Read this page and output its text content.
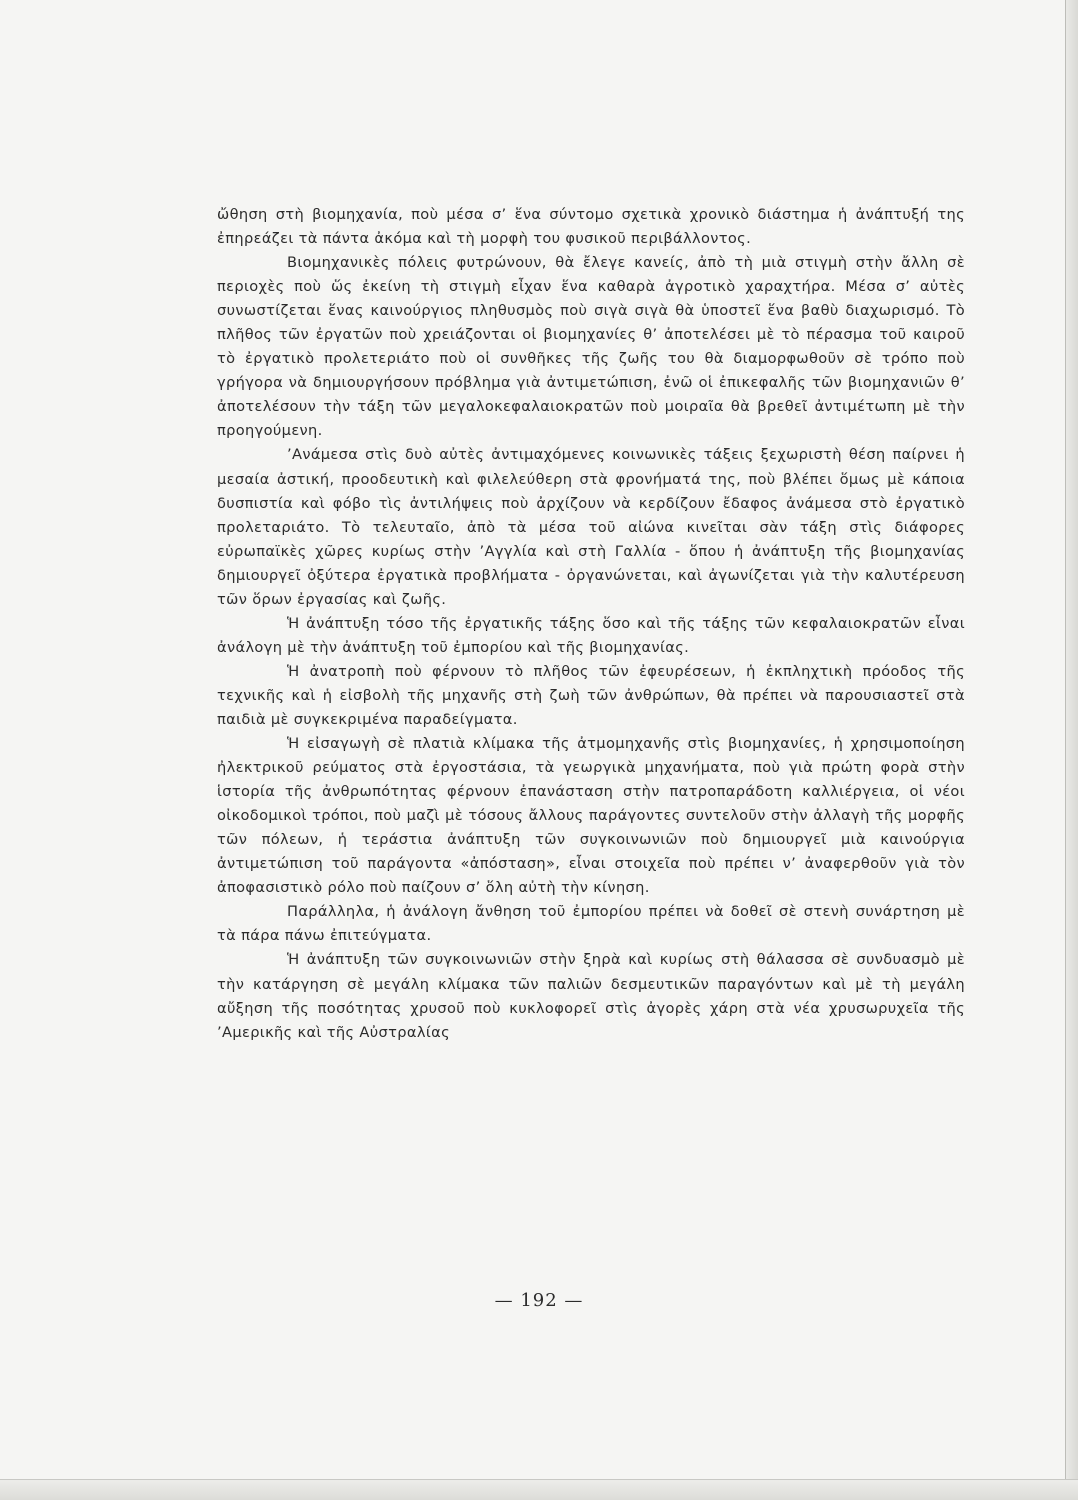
ὤθηση στὴ βιομηχανία, ποὺ μέσα σ’ ἕνα σύντομο σχετικὰ χρονικὸ διάστημα ἡ ἀνάπτυξή της ἐπηρεάζει τὰ πάντα ἀκόμα καὶ τὴ μορφὴ του φυσικοῦ περιβάλλοντος.

Βιομηχανικὲς πόλεις φυτρώνουν, θὰ ἔλεγε κανείς, ἀπὸ τὴ μιὰ στιγμὴ στὴν ἄλλη σὲ περιοχὲς ποὺ ὥς ἐκείνη τὴ στιγμὴ εἶχαν ἕνα καθαρὰ ἀγροτικὸ χαραχτήρα. Μέσα σ’ αὐτὲς συνωστίζεται ἕνας καινούργιος πληθυσμὸς ποὺ σιγὰ σιγὰ θὰ ὑποστεῖ ἕνα βαθὺ διαχωρισμό. Τὸ πλῆθος τῶν ἐργατῶν ποὺ χρειάζονται οἱ βιομηχανίες θ’ ἀποτελέσει μὲ τὸ πέρασμα τοῦ καιροῦ τὸ ἐργατικὸ προλετεριάτο ποὺ οἱ συνθῆκες τῆς ζωῆς του θὰ διαμορφωθοῦν σὲ τρόπο ποὺ γρήγορα νὰ δημιουργήσουν πρόβλημα γιὰ ἀντιμετώπιση, ἐνῶ οἱ ἐπικεφαλῆς τῶν βιομηχανιῶν θ’ ἀποτελέσουν τὴν τάξη τῶν μεγαλοκεφαλαιοκρατῶν ποὺ μοιραῖα θὰ βρεθεῖ ἀντιμέτωπη μὲ τὴν προηγούμενη.

’Ανάμεσα στὶς δυὸ αὐτὲς ἀντιμαχόμενες κοινωνικὲς τάξεις ξεχωριστὴ θέση παίρνει ἡ μεσαία ἀστική, προοδευτικὴ καὶ φιλελεύθερη στὰ φρονήματά της, ποὺ βλέπει ὅμως μὲ κάποια δυσπιστία καὶ φόβο τὶς ἀντιλήψεις ποὺ ἀρχίζουν νὰ κερδίζουν ἔδαφος ἀνάμεσα στὸ ἐργατικὸ προλεταριάτο. Τὸ τελευταῖο, ἀπὸ τὰ μέσα τοῦ αἰώνα κινεῖται σὰν τάξη στὶς διάφορες εὐρωπαϊκὲς χῶρες κυρίως στὴν ’Αγγλία καὶ στὴ Γαλλία - ὅπου ἡ ἀνάπτυξη τῆς βιομηχανίας δημιουργεῖ ὀξύτερα ἐργατικὰ προβλήματα - ὀργανώνεται, καὶ ἀγωνίζεται γιὰ τὴν καλυτέρευση τῶν ὅρων ἐργασίας καὶ ζωῆς.

Ἡ ἀνάπτυξη τόσο τῆς ἐργατικῆς τάξης ὅσο καὶ τῆς τάξης τῶν κεφαλαιοκρατῶν εἶναι ἀνάλογη μὲ τὴν ἀνάπτυξη τοῦ ἐμπορίου καὶ τῆς βιομηχανίας.

Ἡ ἀνατροπὴ ποὺ φέρνουν τὸ πλῆθος τῶν ἐφευρέσεων, ἡ ἐκπληχτικὴ πρόοδος τῆς τεχνικῆς καὶ ἡ εἰσβολὴ τῆς μηχανῆς στὴ ζωὴ τῶν ἀνθρώπων, θὰ πρέπει νὰ παρουσιαστεῖ στὰ παιδιὰ μὲ συγκεκριμένα παραδείγματα.

Ἡ εἰσαγωγὴ σὲ πλατιὰ κλίμακα τῆς ἀτμομηχανῆς στὶς βιομηχανίες, ἡ χρησιμοποίηση ἠλεκτρικοῦ ρεύματος στὰ ἐργοστάσια, τὰ γεωργικὰ μηχανήματα, ποὺ γιὰ πρώτη φορὰ στὴν ἱστορία τῆς ἀνθρωπότητας φέρνουν ἐπανάσταση στὴν πατροπαράδοτη καλλιέργεια, οἱ νέοι οἰκοδομικοὶ τρόποι, ποὺ μαζὶ μὲ τόσους ἄλλους παράγοντες συντελοῦν στὴν ἀλλαγὴ τῆς μορφῆς τῶν πόλεων, ἡ τεράστια ἀνάπτυξη τῶν συγκοινωνιῶν ποὺ δημιουργεῖ μιὰ καινούργια ἀντιμετώπιση τοῦ παράγοντα «ἀπόσταση», εἶναι στοιχεῖα ποὺ πρέπει ν’ ἀναφερθοῦν γιὰ τὸν ἀποφασιστικὸ ρόλο ποὺ παίζουν σ’ ὅλη αὐτὴ τὴν κίνηση.

Παράλληλα, ἡ ἀνάλογη ἄνθηση τοῦ ἐμπορίου πρέπει νὰ δοθεῖ σὲ στενὴ συνάρτηση μὲ τὰ πάρα πάνω ἐπιτεύγματα.

Ἡ ἀνάπτυξη τῶν συγκοινωνιῶν στὴν ξηρὰ καὶ κυρίως στὴ θάλασσα σὲ συνδυασμὸ μὲ τὴν κατάργηση σὲ μεγάλη κλίμακα τῶν παλιῶν δεσμευτικῶν παραγόντων καὶ μὲ τὴ μεγάλη αὔξηση τῆς ποσότητας χρυσοῦ ποὺ κυκλοφορεῖ στὶς ἀγορὲς χάρη στὰ νέα χρυσωρυχεῖα τῆς ’Αμερικῆς καὶ τῆς Αὐστραλίας

— 192 —
